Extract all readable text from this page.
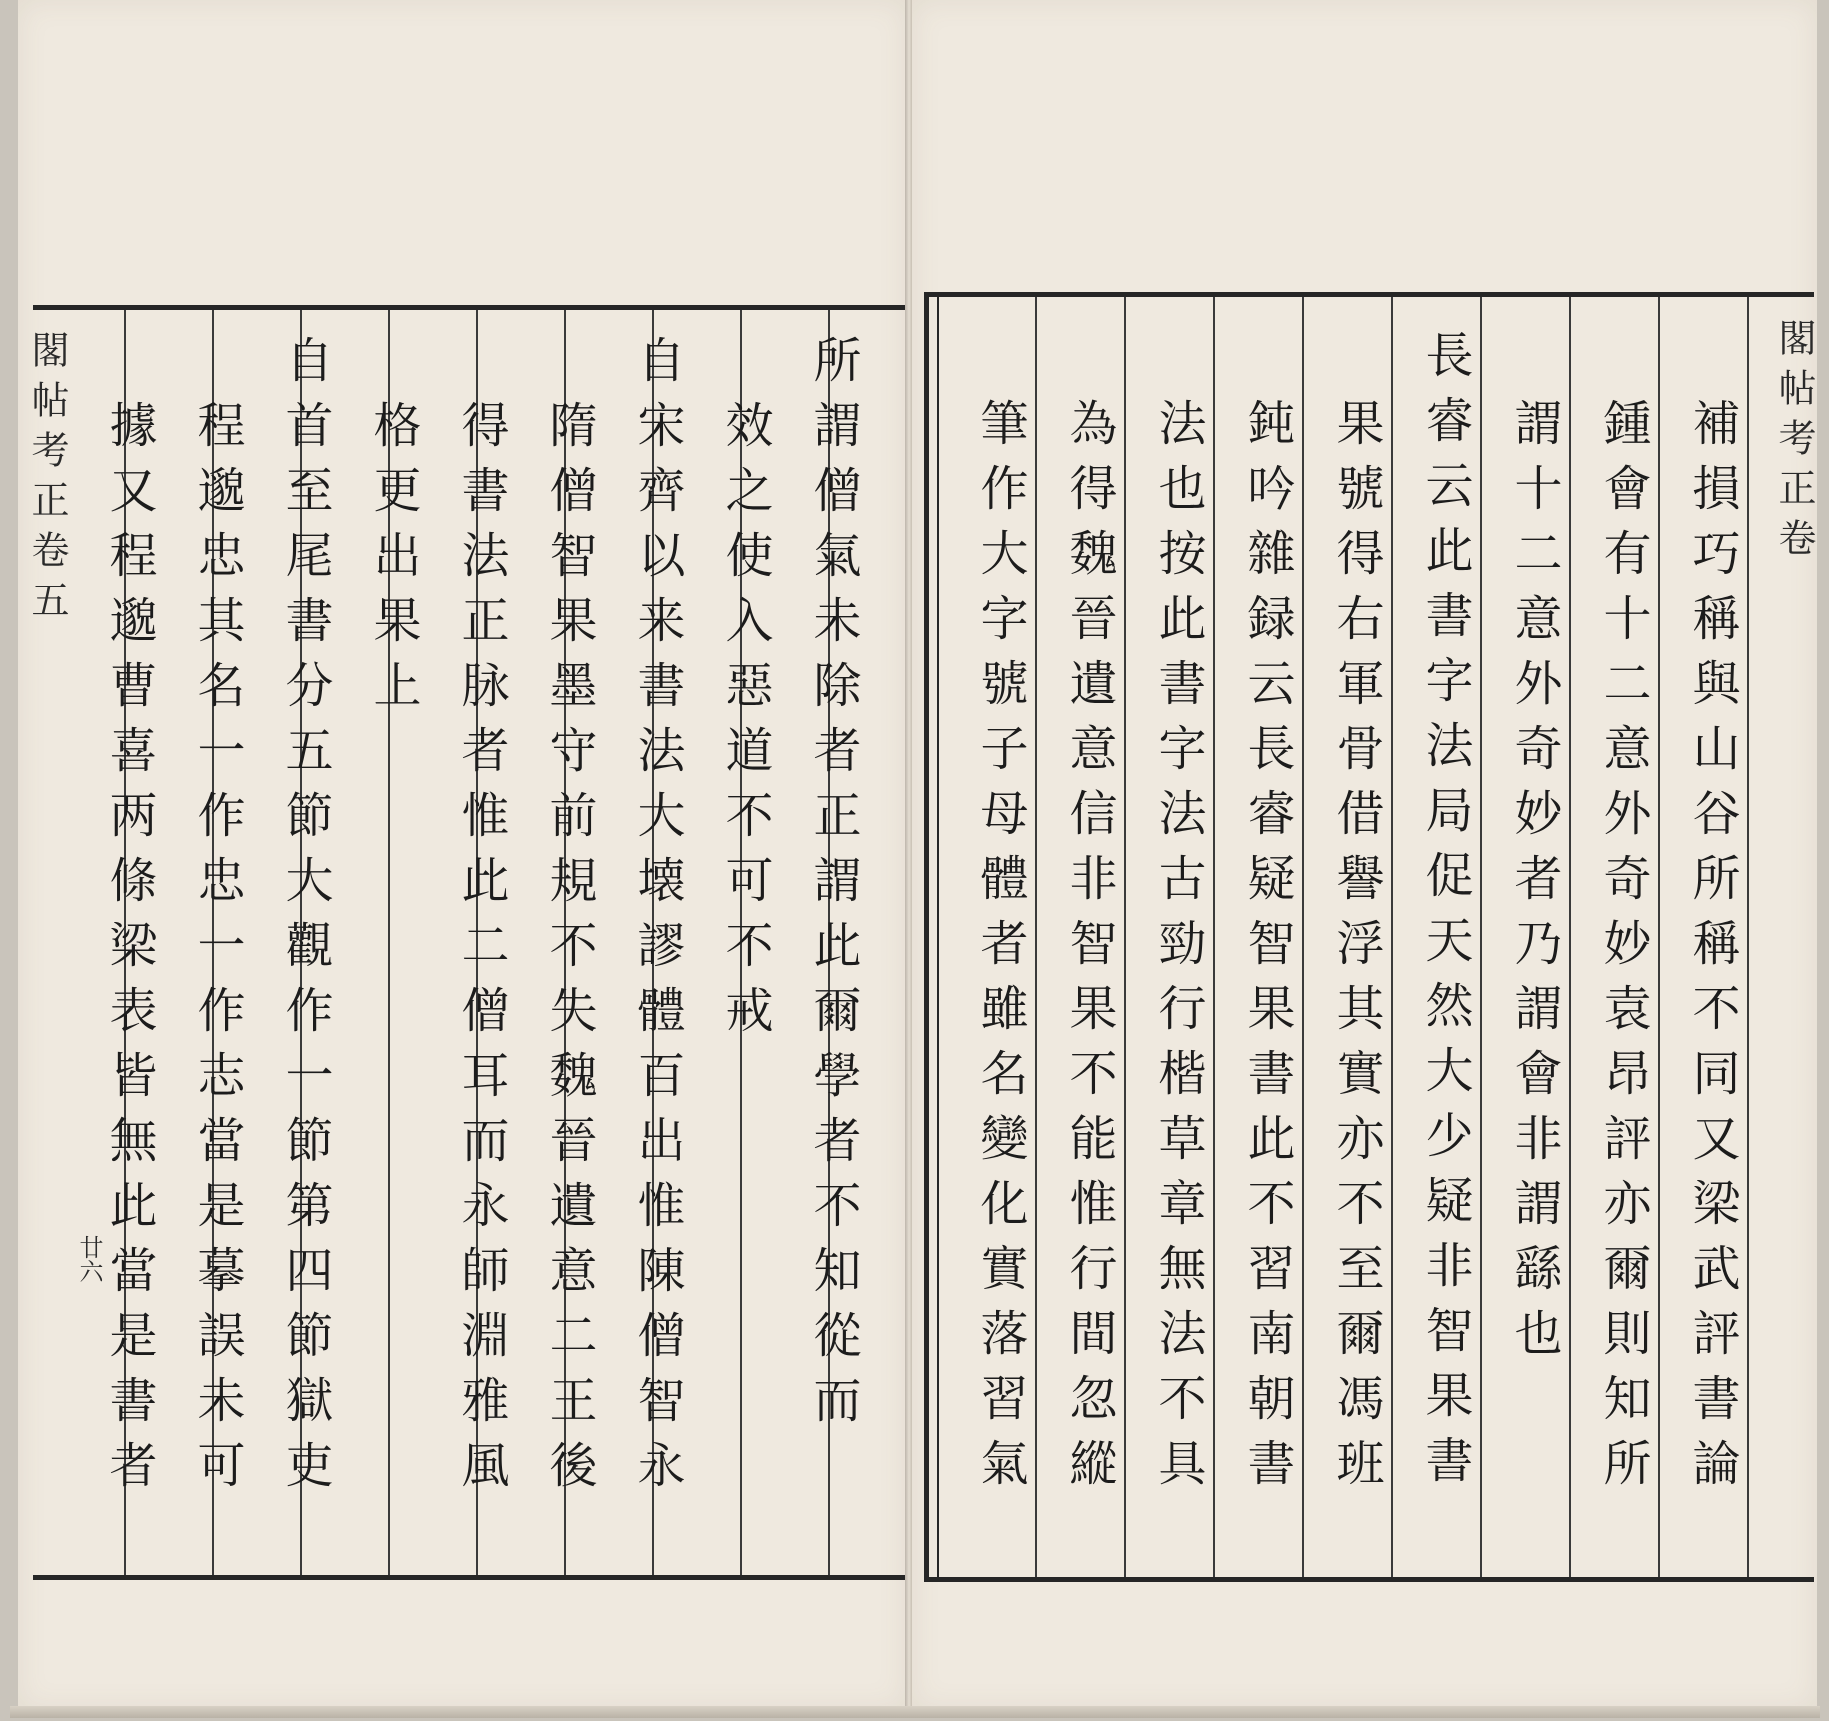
閣帖考正卷五
廿六	所謂僧氣未除者正謂此爾學者不知從而
效之使入惡道不可不戒
自宋齊以来書法大壊謬體百出惟陳僧智永
隋僧智果墨守前規不失魏晉遺意二王後
得書法正脉者惟此二僧耳而永師淵雅風
格更出果上
自首至尾書分五節大觀作一節第四節獄吏
程邈忠其名一作忠一作志當是摹誤未可
據又程邈曹喜两條梁表皆無此當是書者	閣帖考正卷
補損巧稱與山谷所稱不同又梁武評書論
鍾會有十二意外奇妙袁昂評亦爾則知所
謂十二意外奇妙者乃謂會非謂繇也
長睿云此書字法局促天然大少疑非智果書
果號得右軍骨借譽浮其實亦不至爾馮班
鈍吟雜録云長睿疑智果書此不習南朝書
法也按此書字法古勁行楷草章無法不具
為得魏晉遺意信非智果不能惟行間忽縱
筆作大字號子母體者雖名變化實落習氣
